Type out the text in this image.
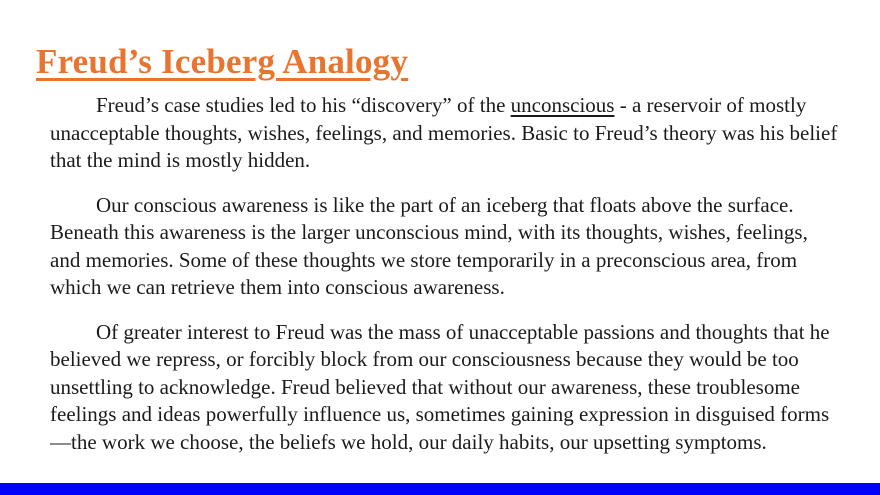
Freud’s Iceberg Analogy

Freud’s case studies led to his “discovery” of the unconscious - a reservoir of mostly unacceptable thoughts, wishes, feelings, and memories. Basic to Freud’s theory was his belief that the mind is mostly hidden.

Our conscious awareness is like the part of an iceberg that floats above the surface. Beneath this awareness is the larger unconscious mind, with its thoughts, wishes, feelings, and memories. Some of these thoughts we store temporarily in a preconscious area, from which we can retrieve them into conscious awareness.

Of greater interest to Freud was the mass of unacceptable passions and thoughts that he believed we repress, or forcibly block from our consciousness because they would be too unsettling to acknowledge. Freud believed that without our awareness, these troublesome feelings and ideas powerfully influence us, sometimes gaining expression in disguised forms—the work we choose, the beliefs we hold, our daily habits, our upsetting symptoms.
